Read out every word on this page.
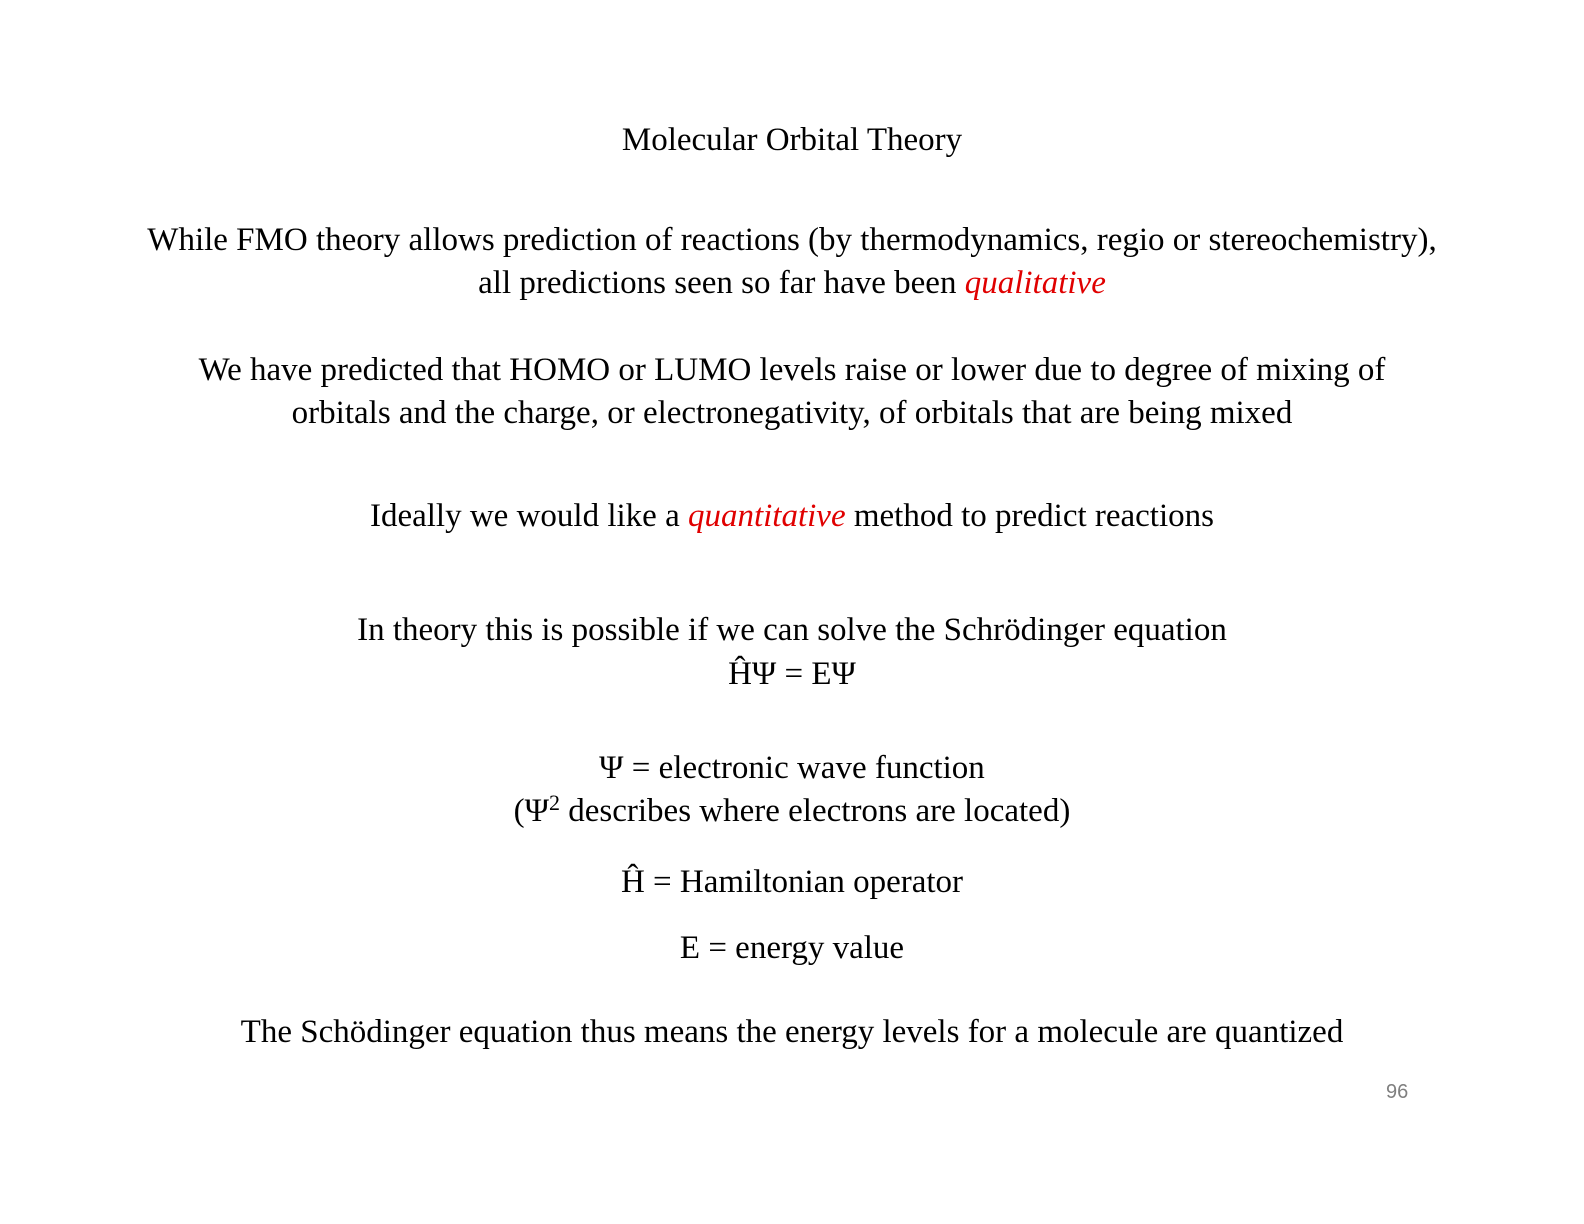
Molecular Orbital Theory
While FMO theory allows prediction of reactions (by thermodynamics, regio or stereochemistry),
all predictions seen so far have been qualitative
We have predicted that HOMO or LUMO levels raise or lower due to degree of mixing of
orbitals and the charge, or electronegativity, of orbitals that are being mixed
Ideally we would like a quantitative method to predict reactions
In theory this is possible if we can solve the Schrödinger equation
ĤΨ = EΨ
Ψ = electronic wave function
($\Psi^2$ describes where electrons are located)
Ĥ = Hamiltonian operator
E = energy value
The Schödinger equation thus means the energy levels for a molecule are quantized
96
